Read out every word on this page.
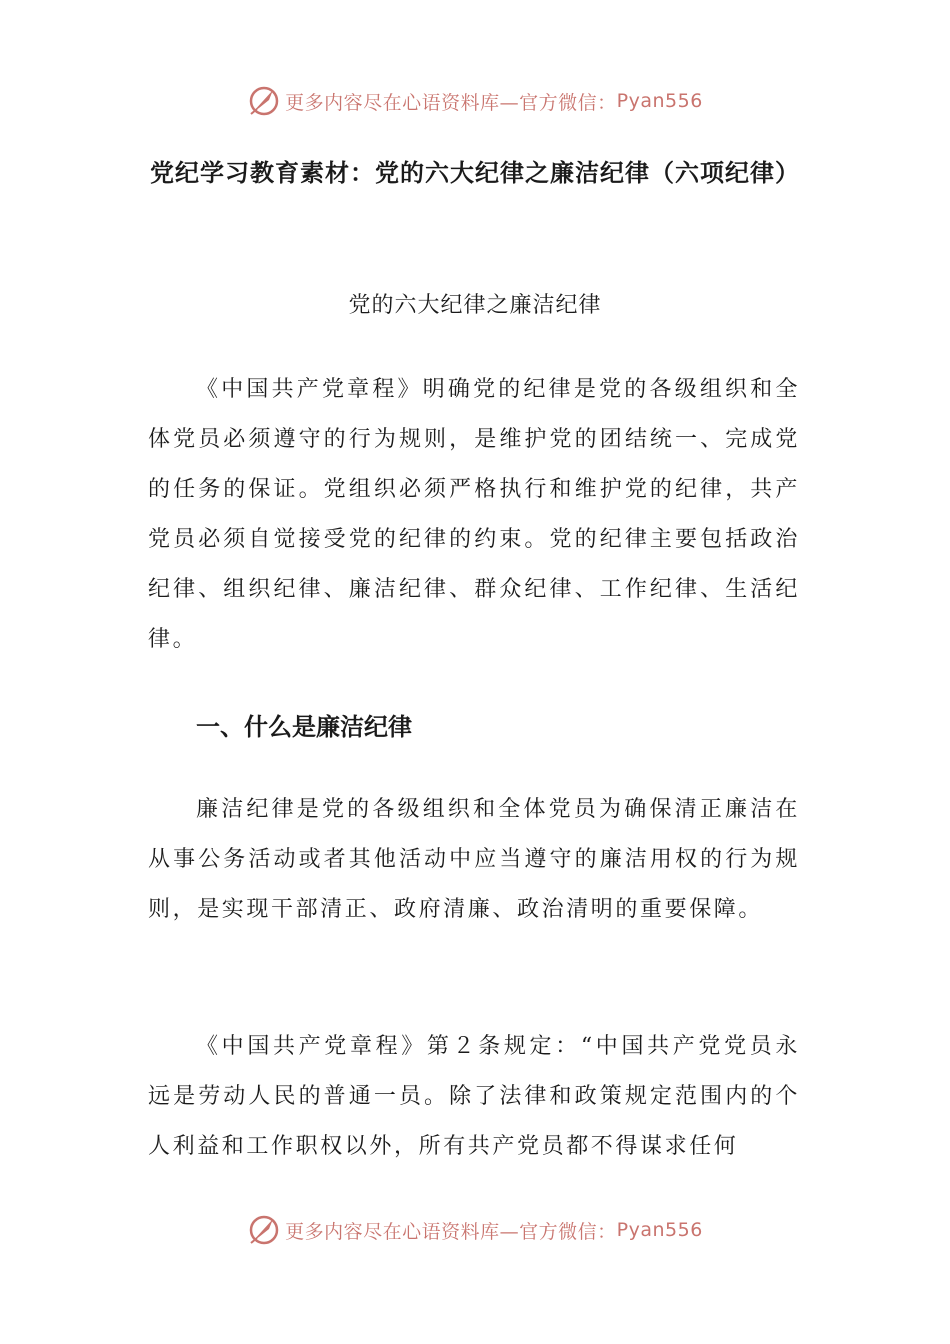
更多内容尽在心语资料库—官方微信： Pyan556
党纪学习教育素材：党的六大纪律之廉洁纪律（六项纪律）

党的六大纪律之廉洁纪律

《中国共产党章程》明确党的纪律是党的各级组织和全体党员必须遵守的行为规则，是维护党的团结统一、完成党的任务的保证。党组织必须严格执行和维护党的纪律，共产党员必须自觉接受党的纪律的约束。党的纪律主要包括政治纪律、组织纪律、廉洁纪律、群众纪律、工作纪律、生活纪律。

一、什么是廉洁纪律

廉洁纪律是党的各级组织和全体党员为确保清正廉洁在从事公务活动或者其他活动中应当遵守的廉洁用权的行为规则，是实现干部清正、政府清廉、政治清明的重要保障。

《中国共产党章程》第２条规定：“中国共产党党员永远是劳动人民的普通一员。除了法律和政策规定范围内的个人利益和工作职权以外，所有共产党员都不得谋求任何

更多内容尽在心语资料库—官方微信： Pyan556
